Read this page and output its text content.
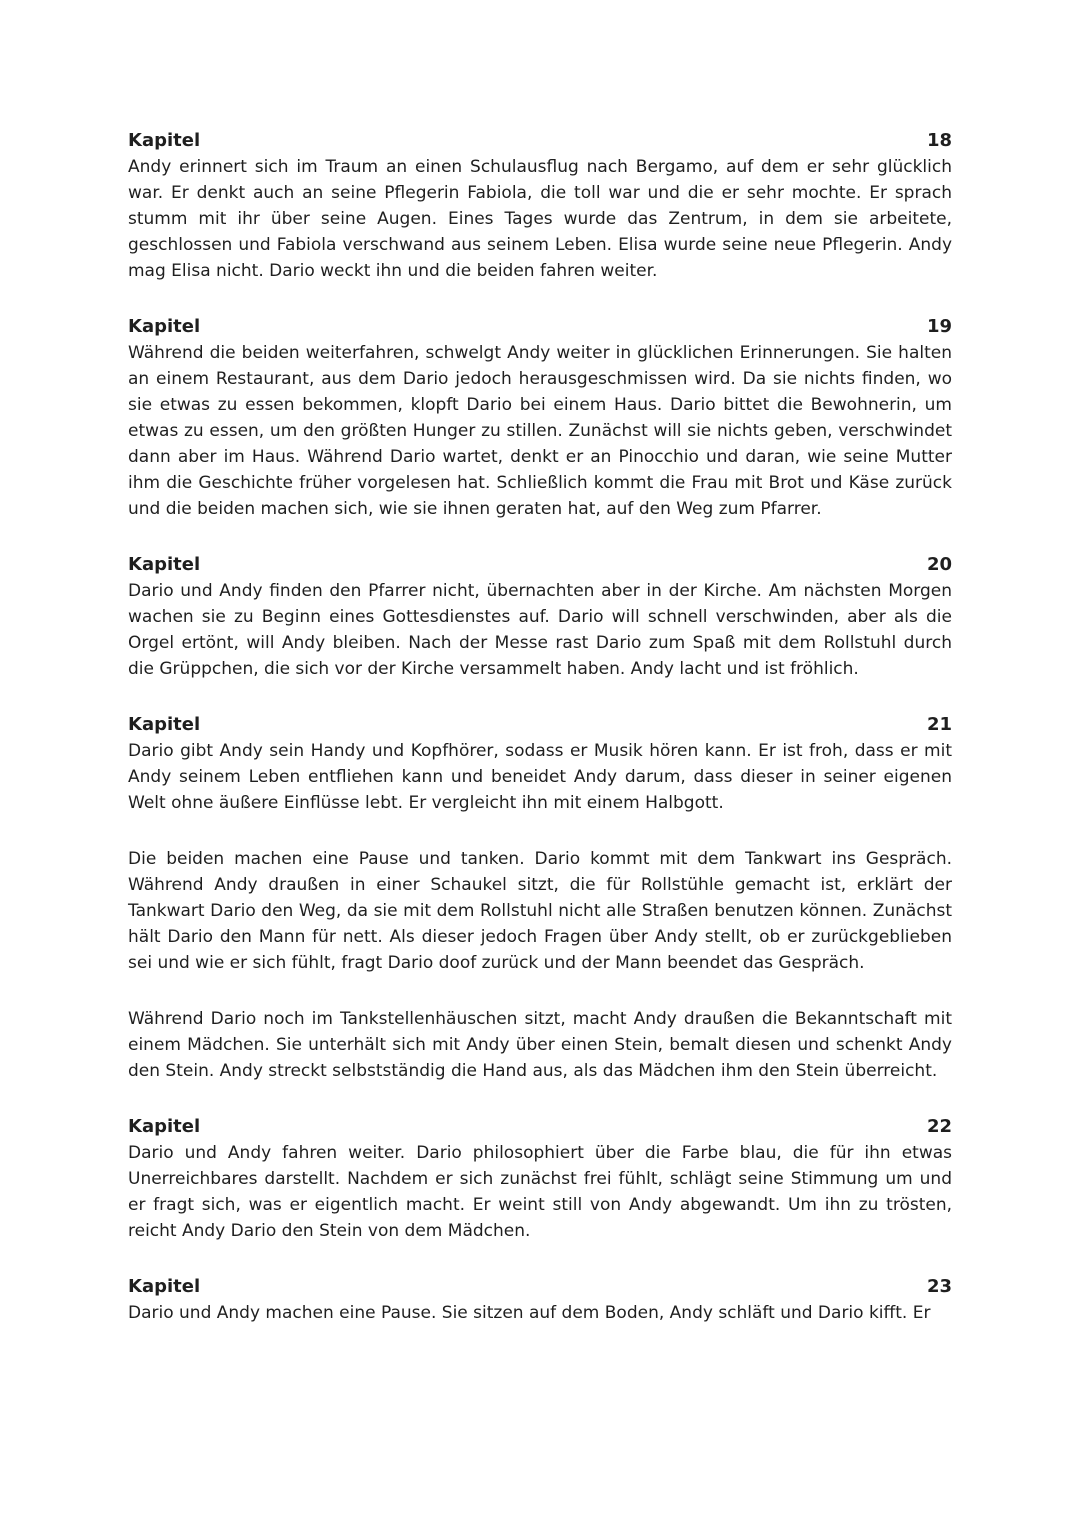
Kapitel	18

Andy erinnert sich im Traum an einen Schulausflug nach Bergamo, auf dem er sehr glücklich war. Er denkt auch an seine Pflegerin Fabiola, die toll war und die er sehr mochte. Er sprach stumm mit ihr über seine Augen. Eines Tages wurde das Zentrum, in dem sie arbeitete, geschlossen und Fabiola verschwand aus seinem Leben. Elisa wurde seine neue Pflegerin. Andy mag Elisa nicht. Dario weckt ihn und die beiden fahren weiter.

Kapitel	19

Während die beiden weiterfahren, schwelgt Andy weiter in glücklichen Erinnerungen. Sie halten an einem Restaurant, aus dem Dario jedoch herausgeschmissen wird. Da sie nichts finden, wo sie etwas zu essen bekommen, klopft Dario bei einem Haus. Dario bittet die Bewohnerin, um etwas zu essen, um den größten Hunger zu stillen. Zunächst will sie nichts geben, verschwindet dann aber im Haus. Während Dario wartet, denkt er an Pinocchio und daran, wie seine Mutter ihm die Geschichte früher vorgelesen hat. Schließlich kommt die Frau mit Brot und Käse zurück und die beiden machen sich, wie sie ihnen geraten hat, auf den Weg zum Pfarrer.

Kapitel	20

Dario und Andy finden den Pfarrer nicht, übernachten aber in der Kirche. Am nächsten Morgen wachen sie zu Beginn eines Gottesdienstes auf. Dario will schnell verschwinden, aber als die Orgel ertönt, will Andy bleiben. Nach der Messe rast Dario zum Spaß mit dem Rollstuhl durch die Grüppchen, die sich vor der Kirche versammelt haben. Andy lacht und ist fröhlich.

Kapitel	21

Dario gibt Andy sein Handy und Kopfhörer, sodass er Musik hören kann. Er ist froh, dass er mit Andy seinem Leben entfliehen kann und beneidet Andy darum, dass dieser in seiner eigenen Welt ohne äußere Einflüsse lebt. Er vergleicht ihn mit einem Halbgott.

Die beiden machen eine Pause und tanken. Dario kommt mit dem Tankwart ins Gespräch. Während Andy draußen in einer Schaukel sitzt, die für Rollstühle gemacht ist, erklärt der Tankwart Dario den Weg, da sie mit dem Rollstuhl nicht alle Straßen benutzen können. Zunächst hält Dario den Mann für nett. Als dieser jedoch Fragen über Andy stellt, ob er zurückgeblieben sei und wie er sich fühlt, fragt Dario doof zurück und der Mann beendet das Gespräch.

Während Dario noch im Tankstellenhäuschen sitzt, macht Andy draußen die Bekanntschaft mit einem Mädchen. Sie unterhält sich mit Andy über einen Stein, bemalt diesen und schenkt Andy den Stein. Andy streckt selbstständig die Hand aus, als das Mädchen ihm den Stein überreicht.

Kapitel	22

Dario und Andy fahren weiter. Dario philosophiert über die Farbe blau, die für ihn etwas Unerreichbares darstellt. Nachdem er sich zunächst frei fühlt, schlägt seine Stimmung um und er fragt sich, was er eigentlich macht. Er weint still von Andy abgewandt. Um ihn zu trösten, reicht Andy Dario den Stein von dem Mädchen.

Kapitel	23

Dario und Andy machen eine Pause. Sie sitzen auf dem Boden, Andy schläft und Dario kifft. Er
